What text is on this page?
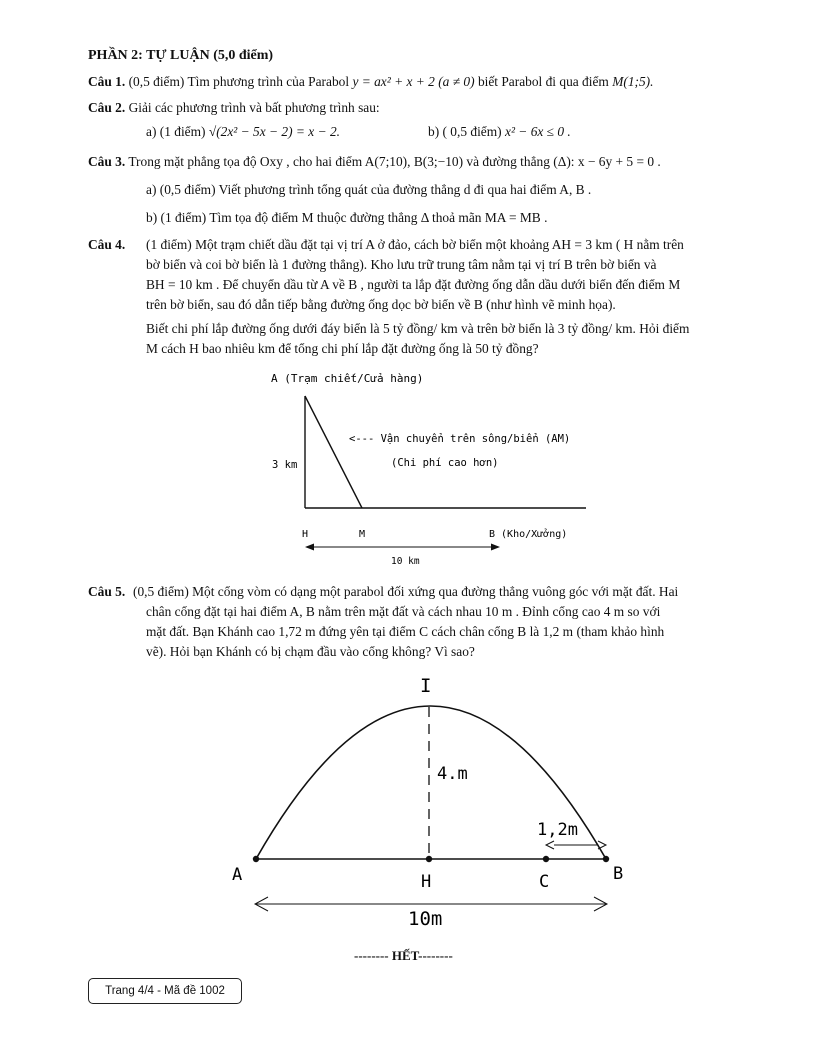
PHẦN 2: TỰ LUẬN (5,0 điểm)
Câu 1. (0,5 điểm) Tìm phương trình của Parabol y = ax² + x + 2 (a ≠ 0) biết Parabol đi qua điểm M(1;5).
Câu 2. Giải các phương trình và bất phương trình sau:
a) (1 điểm) √(2x² − 5x − 2) = x − 2.	b) ( 0,5 điểm) x² − 6x ≤ 0 .
Câu 3. Trong mặt phẳng tọa độ Oxy , cho hai điểm A(7;10), B(3;−10) và đường thẳng (Δ): x − 6y + 5 = 0 .
a) (0,5 điểm) Viết phương trình tổng quát của đường thẳng d đi qua hai điểm A, B .
b) (1 điểm) Tìm tọa độ điểm M thuộc đường thẳng Δ thoả mãn MA = MB .
Câu 4. (1 điểm) Một trạm chiết dầu đặt tại vị trí A ở đảo, cách bờ biển một khoảng AH = 3 km ( H nằm trên
bờ biển và coi bờ biển là 1 đường thẳng). Kho lưu trữ trung tâm nằm tại vị trí B trên bờ biển và
BH = 10 km . Để chuyển dầu từ A về B , người ta lắp đặt đường ống dẫn dầu dưới biển đến điểm M
trên bờ biển, sau đó dẫn tiếp bằng đường ống dọc bờ biển về B (như hình vẽ minh họa).
Biết chi phí lắp đường ống dưới đáy biển là 5 tỷ đồng/ km và trên bờ biển là 3 tỷ đồng/ km. Hỏi điểm
M cách H bao nhiêu km để tổng chi phí lắp đặt đường ống là 50 tỷ đồng?
A (Trạm chiết/Cửa hàng)
<--- Vận chuyển trên sông/biển (AM)
(Chi phí cao hơn)
3 km
H	M	B (Kho/Xưởng)
10 km
Câu 5. (0,5 điểm) Một cổng vòm có dạng một parabol đối xứng qua đường thẳng vuông góc với mặt đất. Hai
chân cổng đặt tại hai điểm A, B nằm trên mặt đất và cách nhau 10 m . Đỉnh cổng cao 4 m so với
mặt đất. Bạn Khánh cao 1,72 m đứng yên tại điểm C cách chân cổng B là 1,2 m (tham khảo hình
vẽ). Hỏi bạn Khánh có bị chạm đầu vào cổng không? Vì sao?
I
4.m
1,2m
A	H	C	B
10m
-------- HẾT--------
Trang 4/4 - Mã đề 1002
